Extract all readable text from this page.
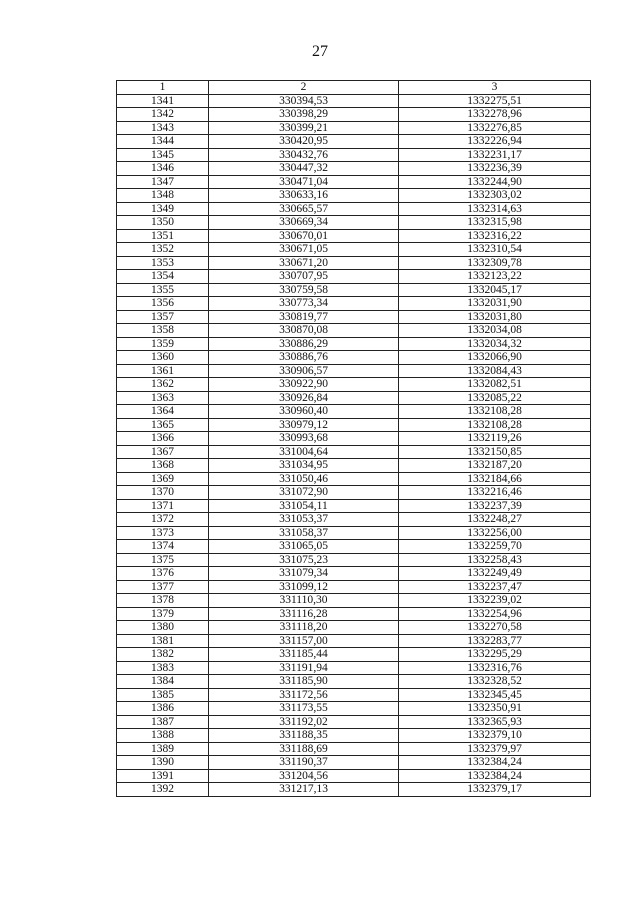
27
1	2	3
1341	330394,53	1332275,51
1342	330398,29	1332278,96
1343	330399,21	1332276,85
1344	330420,95	1332226,94
1345	330432,76	1332231,17
1346	330447,32	1332236,39
1347	330471,04	1332244,90
1348	330633,16	1332303,02
1349	330665,57	1332314,63
1350	330669,34	1332315,98
1351	330670,01	1332316,22
1352	330671,05	1332310,54
1353	330671,20	1332309,78
1354	330707,95	1332123,22
1355	330759,58	1332045,17
1356	330773,34	1332031,90
1357	330819,77	1332031,80
1358	330870,08	1332034,08
1359	330886,29	1332034,32
1360	330886,76	1332066,90
1361	330906,57	1332084,43
1362	330922,90	1332082,51
1363	330926,84	1332085,22
1364	330960,40	1332108,28
1365	330979,12	1332108,28
1366	330993,68	1332119,26
1367	331004,64	1332150,85
1368	331034,95	1332187,20
1369	331050,46	1332184,66
1370	331072,90	1332216,46
1371	331054,11	1332237,39
1372	331053,37	1332248,27
1373	331058,37	1332256,00
1374	331065,05	1332259,70
1375	331075,23	1332258,43
1376	331079,34	1332249,49
1377	331099,12	1332237,47
1378	331110,30	1332239,02
1379	331116,28	1332254,96
1380	331118,20	1332270,58
1381	331157,00	1332283,77
1382	331185,44	1332295,29
1383	331191,94	1332316,76
1384	331185,90	1332328,52
1385	331172,56	1332345,45
1386	331173,55	1332350,91
1387	331192,02	1332365,93
1388	331188,35	1332379,10
1389	331188,69	1332379,97
1390	331190,37	1332384,24
1391	331204,56	1332384,24
1392	331217,13	1332379,17
